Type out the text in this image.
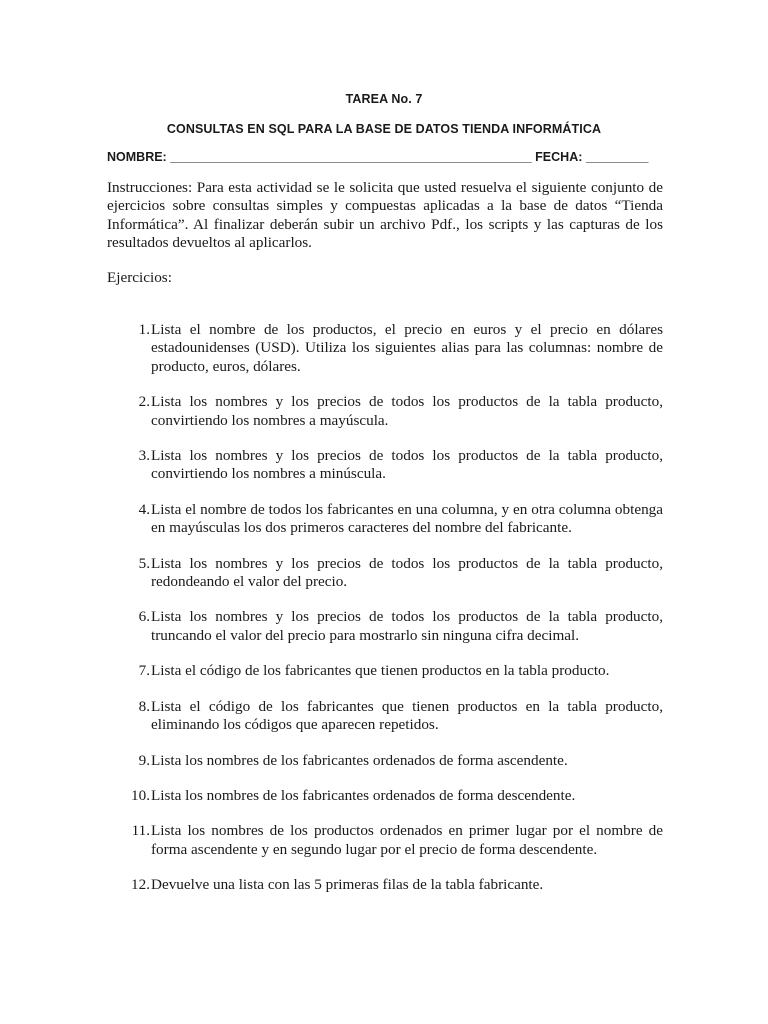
TAREA No. 7
CONSULTAS EN SQL PARA LA BASE DE DATOS TIENDA INFORMÁTICA
NOMBRE: ____________________________________________________ FECHA: _________
Instrucciones: Para esta actividad se le solicita que usted resuelva el siguiente conjunto de ejercicios sobre consultas simples y compuestas aplicadas a la base de datos “Tienda Informática”. Al finalizar deberán subir un archivo Pdf., los scripts y las capturas de los resultados devueltos al aplicarlos.
Ejercicios:
1. Lista el nombre de los productos, el precio en euros y el precio en dólares estadounidenses (USD). Utiliza los siguientes alias para las columnas: nombre de producto, euros, dólares.
2. Lista los nombres y los precios de todos los productos de la tabla producto, convirtiendo los nombres a mayúscula.
3. Lista los nombres y los precios de todos los productos de la tabla producto, convirtiendo los nombres a minúscula.
4. Lista el nombre de todos los fabricantes en una columna, y en otra columna obtenga en mayúsculas los dos primeros caracteres del nombre del fabricante.
5. Lista los nombres y los precios de todos los productos de la tabla producto, redondeando el valor del precio.
6. Lista los nombres y los precios de todos los productos de la tabla producto, truncando el valor del precio para mostrarlo sin ninguna cifra decimal.
7. Lista el código de los fabricantes que tienen productos en la tabla producto.
8. Lista el código de los fabricantes que tienen productos en la tabla producto, eliminando los códigos que aparecen repetidos.
9. Lista los nombres de los fabricantes ordenados de forma ascendente.
10. Lista los nombres de los fabricantes ordenados de forma descendente.
11. Lista los nombres de los productos ordenados en primer lugar por el nombre de forma ascendente y en segundo lugar por el precio de forma descendente.
12. Devuelve una lista con las 5 primeras filas de la tabla fabricante.
